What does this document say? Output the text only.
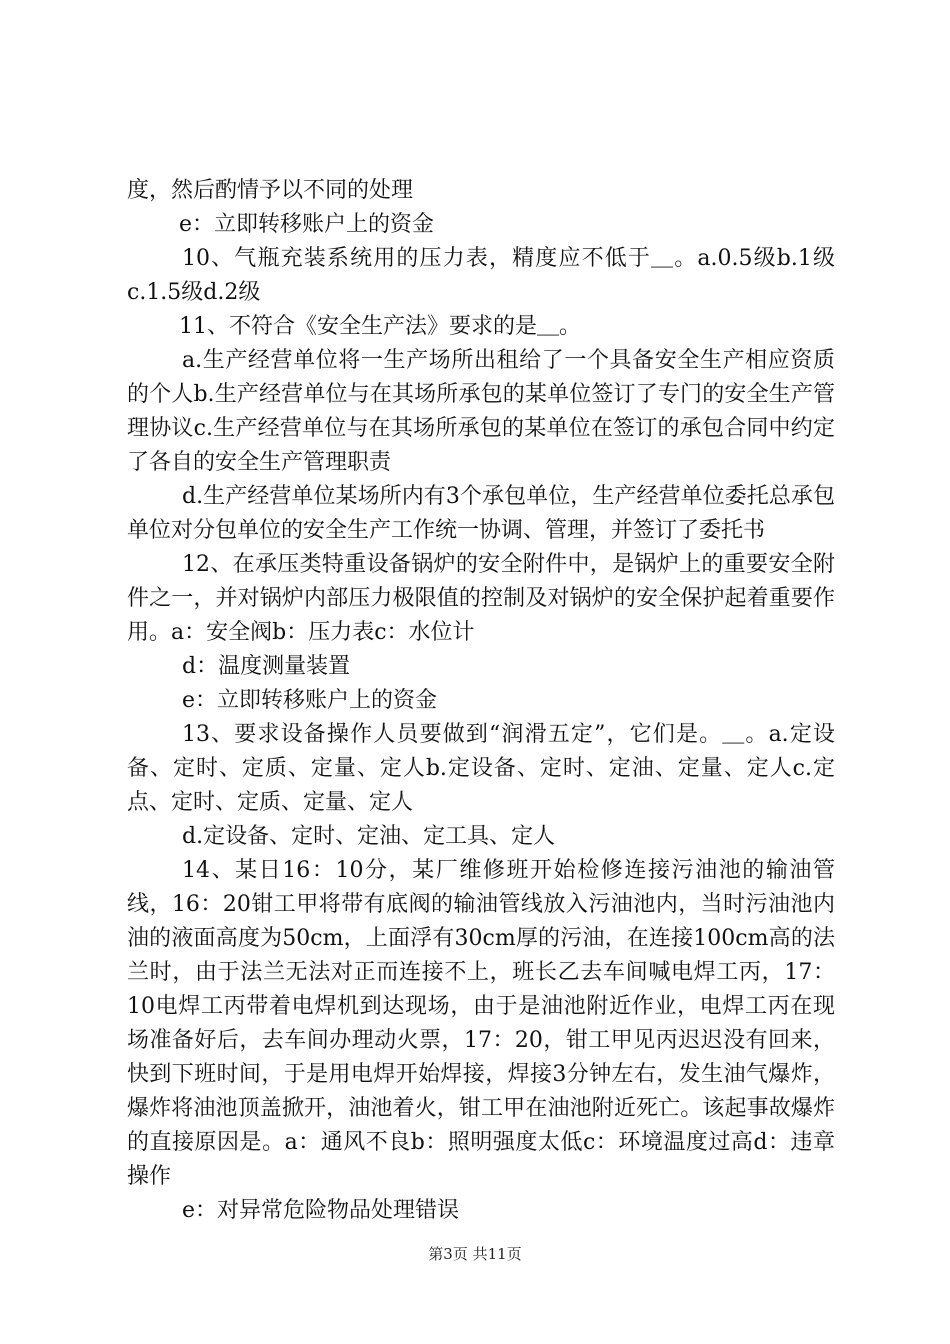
度，然后酌情予以不同的处理

e：立即转移账户上的资金

10、气瓶充装系统用的压力表，精度应不低于＿。a.0.5级b.1级c.1.5级d.2级

11、不符合《安全生产法》要求的是＿。

a.生产经营单位将一生产场所出租给了一个具备安全生产相应资质的个人b.生产经营单位与在其场所承包的某单位签订了专门的安全生产管理协议c.生产经营单位与在其场所承包的某单位在签订的承包合同中约定了各自的安全生产管理职责

d.生产经营单位某场所内有3个承包单位，生产经营单位委托总承包单位对分包单位的安全生产工作统一协调、管理，并签订了委托书

12、在承压类特重设备锅炉的安全附件中，是锅炉上的重要安全附件之一，并对锅炉内部压力极限值的控制及对锅炉的安全保护起着重要作用。a：安全阀b：压力表c：水位计

d：温度测量装置

e：立即转移账户上的资金

13、要求设备操作人员要做到“润滑五定”，它们是。＿。a.定设备、定时、定质、定量、定人b.定设备、定时、定油、定量、定人c.定点、定时、定质、定量、定人

d.定设备、定时、定油、定工具、定人

14、某日16：10分，某厂维修班开始检修连接污油池的输油管线，16：20钳工甲将带有底阀的输油管线放入污油池内，当时污油池内油的液面高度为50cm，上面浮有30cm厚的污油，在连接100cm高的法兰时，由于法兰无法对正而连接不上，班长乙去车间喊电焊工丙，17：10电焊工丙带着电焊机到达现场，由于是油池附近作业，电焊工丙在现场准备好后，去车间办理动火票，17：20，钳工甲见丙迟迟没有回来，快到下班时间，于是用电焊开始焊接，焊接3分钟左右，发生油气爆炸，爆炸将油池顶盖掀开，油池着火，钳工甲在油池附近死亡。该起事故爆炸的直接原因是。a：通风不良b：照明强度太低c：环境温度过高d：违章操作

e：对异常危险物品处理错误

第3页 共11页
